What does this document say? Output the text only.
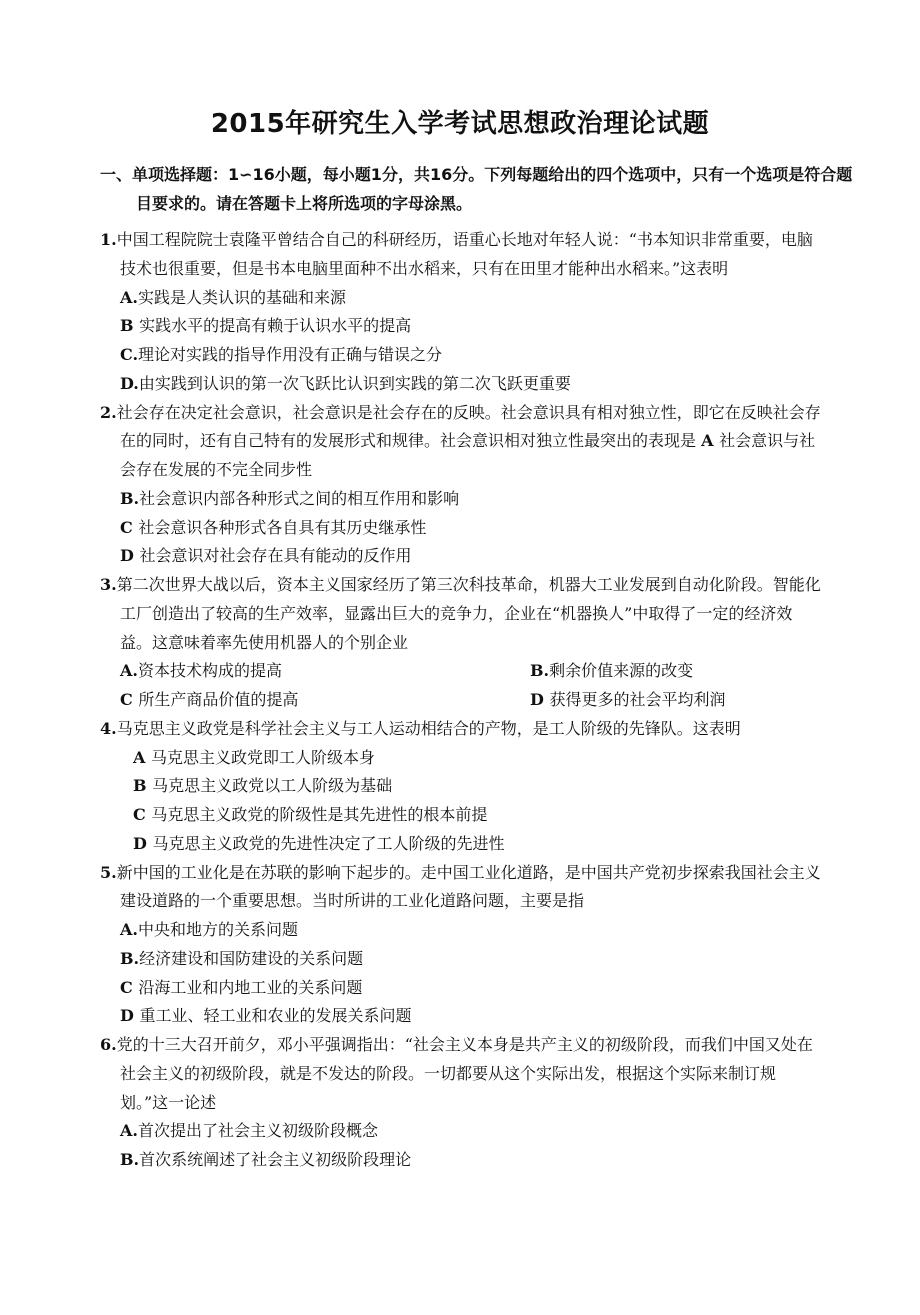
2015年研究生入学考试思想政治理论试题
一、单项选择题：1∽16小题，每小题1分，共16分。下列每题给出的四个选项中，只有一个选项是符合题目要求的。请在答题卡上将所选项的字母涂黑。
1.中国工程院院士袁隆平曾结合自己的科研经历，语重心长地对年轻人说：“书本知识非常重要，电脑技术也很重要，但是书本电脑里面种不出水稻来，只有在田里才能种出水稻来。”这表明
A.实践是人类认识的基础和来源
B 实践水平的提高有赖于认识水平的提高
C.理论对实践的指导作用没有正确与错误之分
D.由实践到认识的第一次飞跃比认识到实践的第二次飞跃更重要
2.社会存在决定社会意识，社会意识是社会存在的反映。社会意识具有相对独立性，即它在反映社会存在的同时，还有自己特有的发展形式和规律。社会意识相对独立性最突出的表现是 A 社会意识与社会存在发展的不完全同步性
B.社会意识内部各种形式之间的相互作用和影响
C 社会意识各种形式各自具有其历史继承性
D 社会意识对社会存在具有能动的反作用
3.第二次世界大战以后，资本主义国家经历了第三次科技革命，机器大工业发展到自动化阶段。智能化工厂创造出了较高的生产效率，显露出巨大的竞争力，企业在“机器换人”中取得了一定的经济效益。这意味着率先使用机器人的个别企业
A.资本技术构成的提高	B.剩余价值来源的改变
C 所生产商品价值的提高	D 获得更多的社会平均利润
4.马克思主义政党是科学社会主义与工人运动相结合的产物，是工人阶级的先锋队。这表明
A 马克思主义政党即工人阶级本身
B 马克思主义政党以工人阶级为基础
C 马克思主义政党的阶级性是其先进性的根本前提
D 马克思主义政党的先进性决定了工人阶级的先进性
5.新中国的工业化是在苏联的影响下起步的。走中国工业化道路，是中国共产党初步探索我国社会主义建设道路的一个重要思想。当时所讲的工业化道路问题，主要是指
A.中央和地方的关系问题
B.经济建设和国防建设的关系问题
C 沿海工业和内地工业的关系问题
D 重工业、轻工业和农业的发展关系问题
6.党的十三大召开前夕，邓小平强调指出：“社会主义本身是共产主义的初级阶段，而我们中国又处在社会主义的初级阶段，就是不发达的阶段。一切都要从这个实际出发，根据这个实际来制订规划。”这一论述
A.首次提出了社会主义初级阶段概念
B.首次系统阐述了社会主义初级阶段理论
